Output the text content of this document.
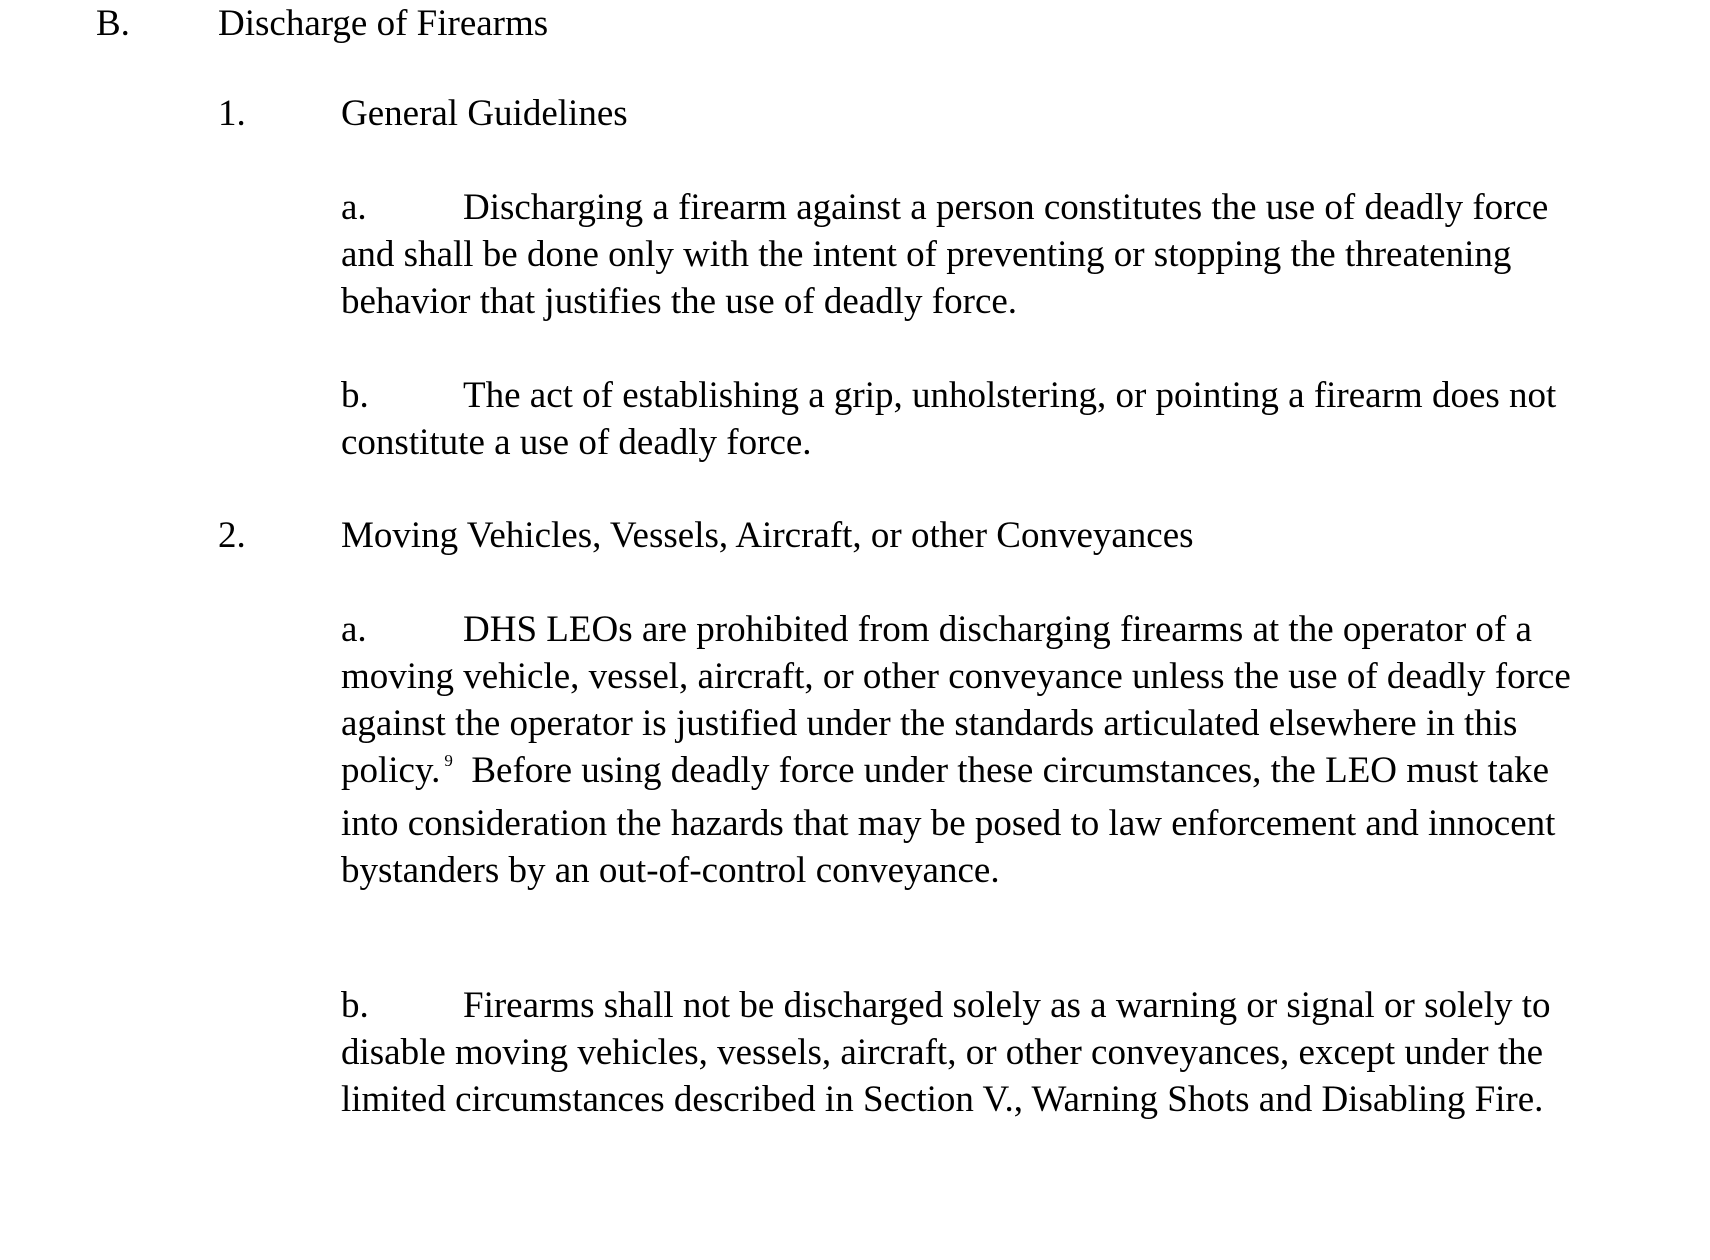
B. Discharge of Firearms
1.	General Guidelines

a.	Discharging a firearm against a person constitutes the use of deadly force and shall be done only with the intent of preventing or stopping the threatening behavior that justifies the use of deadly force.

b.	The act of establishing a grip, unholstering, or pointing a firearm does not constitute a use of deadly force.

2.	Moving Vehicles, Vessels, Aircraft, or other Conveyances

a.	DHS LEOs are prohibited from discharging firearms at the operator of a moving vehicle, vessel, aircraft, or other conveyance unless the use of deadly force against the operator is justified under the standards articulated elsewhere in this policy. $^9$ Before using deadly force under these circumstances, the LEO must take into consideration the hazards that may be posed to law enforcement and innocent bystanders by an out-of-control conveyance.

b.	Firearms shall not be discharged solely as a warning or signal or solely to disable moving vehicles, vessels, aircraft, or other conveyances, except under the limited circumstances described in Section V., Warning Shots and Disabling Fire.
